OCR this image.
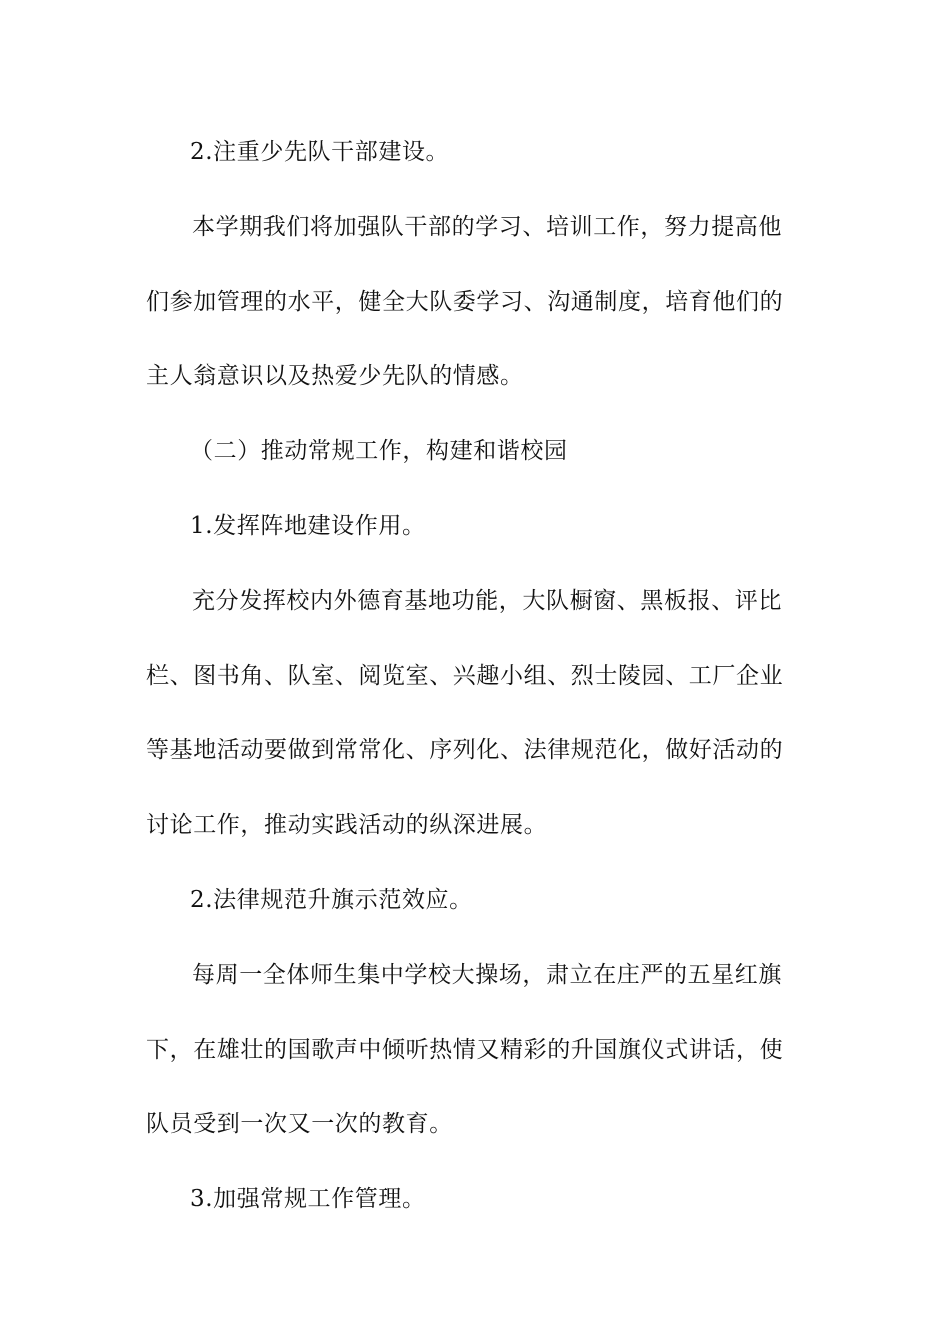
2.注重少先队干部建设。
本学期我们将加强队干部的学习、培训工作，努力提高他
们参加管理的水平，健全大队委学习、沟通制度，培育他们的
主人翁意识以及热爱少先队的情感。
（二）推动常规工作，构建和谐校园
1.发挥阵地建设作用。
充分发挥校内外德育基地功能，大队橱窗、黑板报、评比
栏、图书角、队室、阅览室、兴趣小组、烈士陵园、工厂企业
等基地活动要做到常常化、序列化、法律规范化，做好活动的
讨论工作，推动实践活动的纵深进展。
2.法律规范升旗示范效应。
每周一全体师生集中学校大操场，肃立在庄严的五星红旗
下，在雄壮的国歌声中倾听热情又精彩的升国旗仪式讲话，使
队员受到一次又一次的教育。
3.加强常规工作管理。
